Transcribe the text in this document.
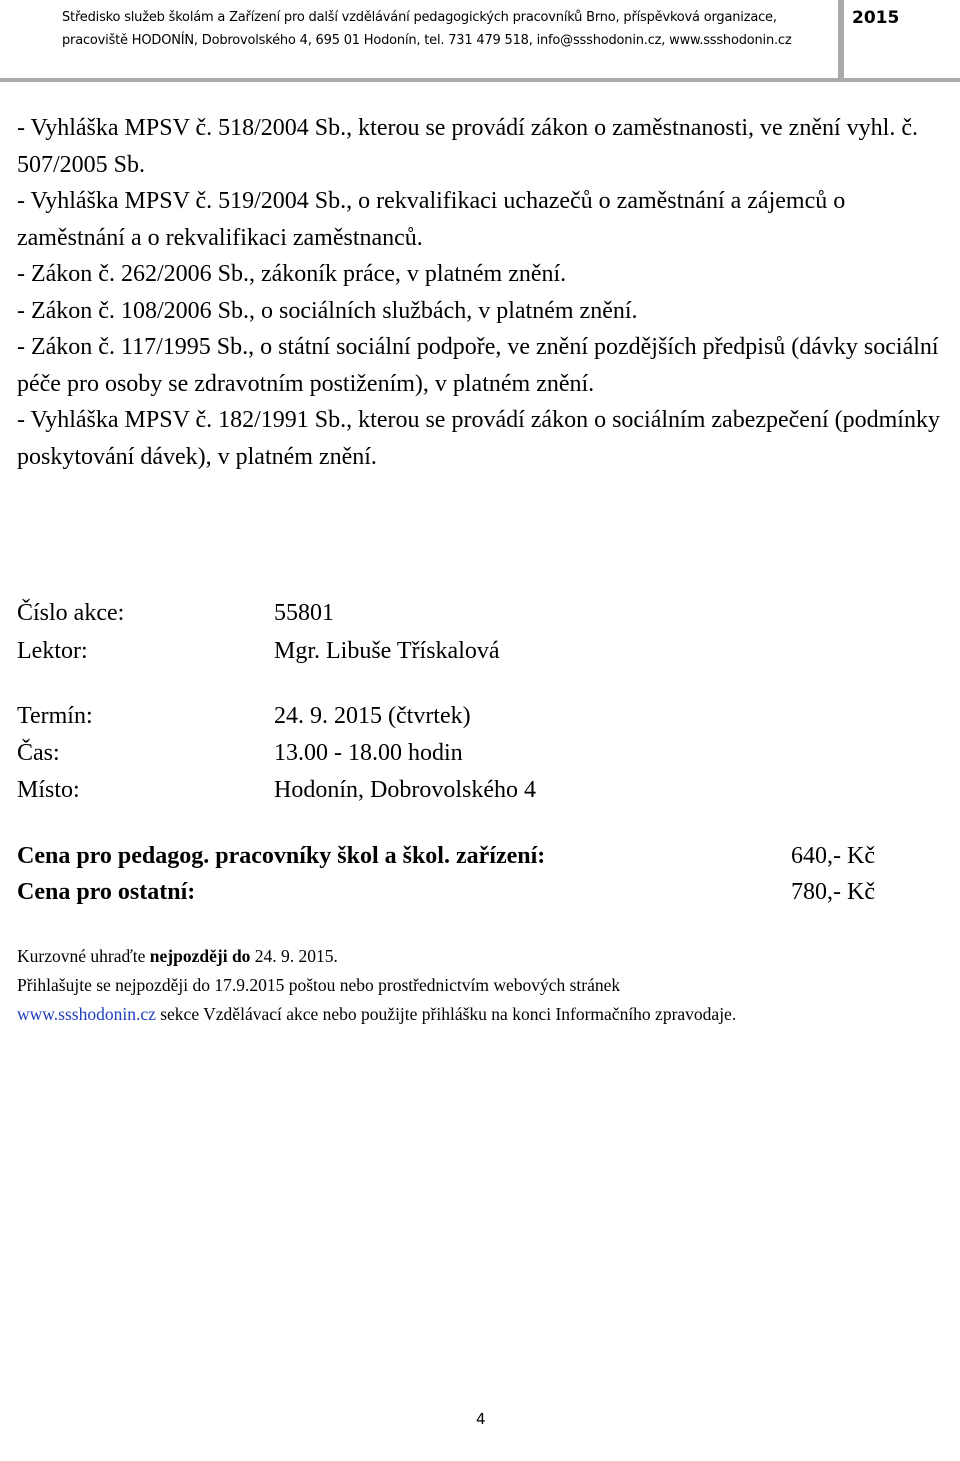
Středisko služeb školám a Zařízení pro další vzdělávání pedagogických pracovníků Brno, příspěvková organizace,
pracoviště HODONÍN, Dobrovolského 4, 695 01 Hodonín, tel. 731 479 518, info@ssshodonin.cz, www.ssshodonin.cz
2015

- Vyhláška MPSV č. 518/2004 Sb., kterou se provádí zákon o zaměstnanosti, ve znění vyhl. č. 507/2005 Sb.

- Vyhláška MPSV č. 519/2004 Sb., o rekvalifikaci uchazečů o zaměstnání a zájemců o zaměstnání a o rekvalifikaci zaměstnanců.

- Zákon č. 262/2006 Sb., zákoník práce, v platném znění.

- Zákon č. 108/2006 Sb., o sociálních službách, v platném znění.

- Zákon č. 117/1995 Sb., o státní sociální podpoře, ve znění pozdějších předpisů (dávky sociální péče pro osoby se zdravotním postižením), v platném znění.

- Vyhláška MPSV č. 182/1991 Sb., kterou se provádí zákon o sociálním zabezpečení (podmínky poskytování dávek), v platném znění.

Číslo akce:	55801
Lektor:	Mgr. Libuše Třískalová
Termín:	24. 9. 2015 (čtvrtek)
Čas:	13.00 - 18.00 hodin
Místo:	Hodonín, Dobrovolského 4
Cena pro pedagog. pracovníky škol a škol. zařízení:	640,- Kč
Cena pro ostatní:	780,- Kč

Kurzovné uhraďte nejpozději do 24. 9. 2015.

Přihlašujte se nejpozději do 17.9.2015 poštou nebo prostřednictvím webových stránek

www.ssshodonin.cz sekce Vzdělávací akce nebo použijte přihlášku na konci Informačního zpravodaje.

4
